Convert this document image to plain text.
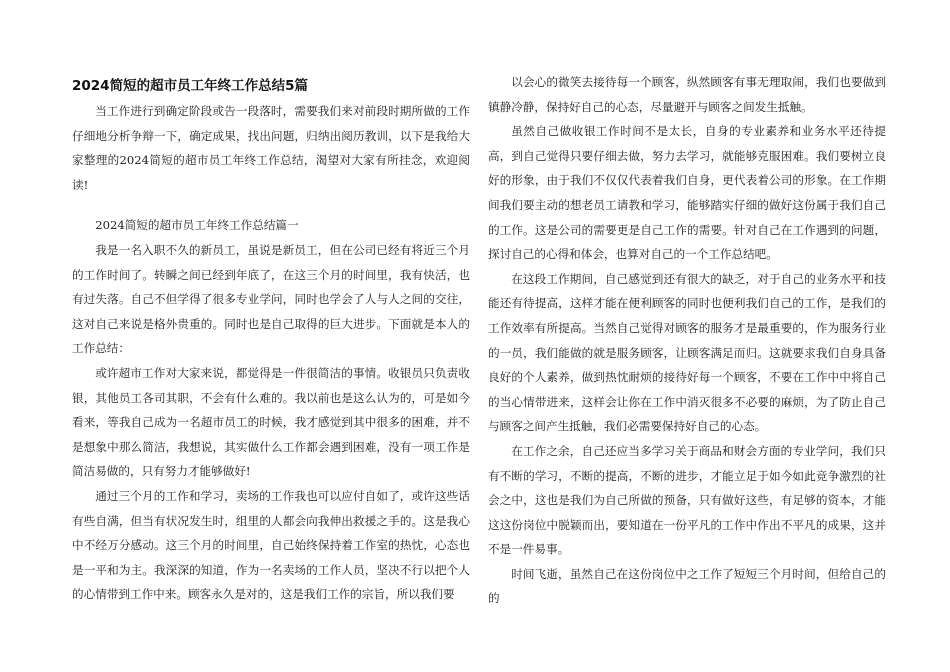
2024简短的超市员工年终工作总结5篇

当工作进行到确定阶段或告一段落时，需要我们来对前段时期所做的工作仔细地分析争辩一下，确定成果，找出问题，归纳出阅历教训，以下是我给大家整理的2024简短的超市员工年终工作总结，渴望对大家有所挂念，欢迎阅读!

2024简短的超市员工年终工作总结篇一

我是一名入职不久的新员工，虽说是新员工，但在公司已经有将近三个月的工作时间了。转瞬之间已经到年底了，在这三个月的时间里，我有快活，也有过失落。自己不但学得了很多专业学问，同时也学会了人与人之间的交往，这对自己来说是格外贵重的。同时也是自己取得的巨大进步。下面就是本人的工作总结：

或许超市工作对大家来说，都觉得是一件很简洁的事情。收银员只负责收银，其他员工各司其职，不会有什么难的。我以前也是这么认为的，可是如今看来，等我自己成为一名超市员工的时候，我才感觉到其中很多的困难，并不是想象中那么简洁，我想说，其实做什么工作都会遇到困难，没有一项工作是简洁易做的，只有努力才能够做好!

通过三个月的工作和学习，卖场的工作我也可以应付自如了，或许这些话有些自满，但当有状况发生时，组里的人都会向我伸出救援之手的。这是我心中不经万分感动。这三个月的时间里，自己始终保持着工作室的热忱，心态也是一平和为主。我深深的知道，作为一名卖场的工作人员，坚决不行以把个人的心情带到工作中来。顾客永久是对的，这是我们工作的宗旨，所以我们要

以会心的微笑去接待每一个顾客，纵然顾客有事无理取闹，我们也要做到镇静冷静，保持好自己的心态，尽量避开与顾客之间发生抵触。

虽然自己做收银工作时间不是太长，自身的专业素养和业务水平还待提高，到自己觉得只要仔细去做，努力去学习，就能够克服困难。我们要树立良好的形象，由于我们不仅仅代表着我们自身，更代表着公司的形象。在工作期间我们要主动的想老员工请教和学习，能够踏实仔细的做好这份属于我们自己的工作。这是公司的需要更是自己工作的需要。针对自己在工作遇到的问题，探讨自己的心得和体会，也算对自己的一个工作总结吧。

在这段工作期间，自己感觉到还有很大的缺乏，对于自己的业务水平和技能还有待提高，这样才能在便利顾客的同时也便利我们自己的工作，是我们的工作效率有所提高。当然自己觉得对顾客的服务才是最重要的，作为服务行业的一员，我们能做的就是服务顾客，让顾客满足而归。这就要求我们自身具备良好的个人素养，做到热忱耐烦的接待好每一个顾客，不要在工作中中将自己的当心情带进来，这样会让你在工作中消灭很多不必要的麻烦，为了防止自己与顾客之间产生抵触，我们必需要保持好自己的心态。

在工作之余，自己还应当多学习关于商品和财会方面的专业学问，我们只有不断的学习，不断的提高，不断的进步，才能立足于如今如此竞争激烈的社会之中，这也是我们为自己所做的预备，只有做好这些，有足够的资本，才能这这份岗位中脱颖而出，要知道在一份平凡的工作中作出不平凡的成果，这并不是一件易事。

时间飞逝，虽然自己在这份岗位中之工作了短短三个月时间，但给自己的的
